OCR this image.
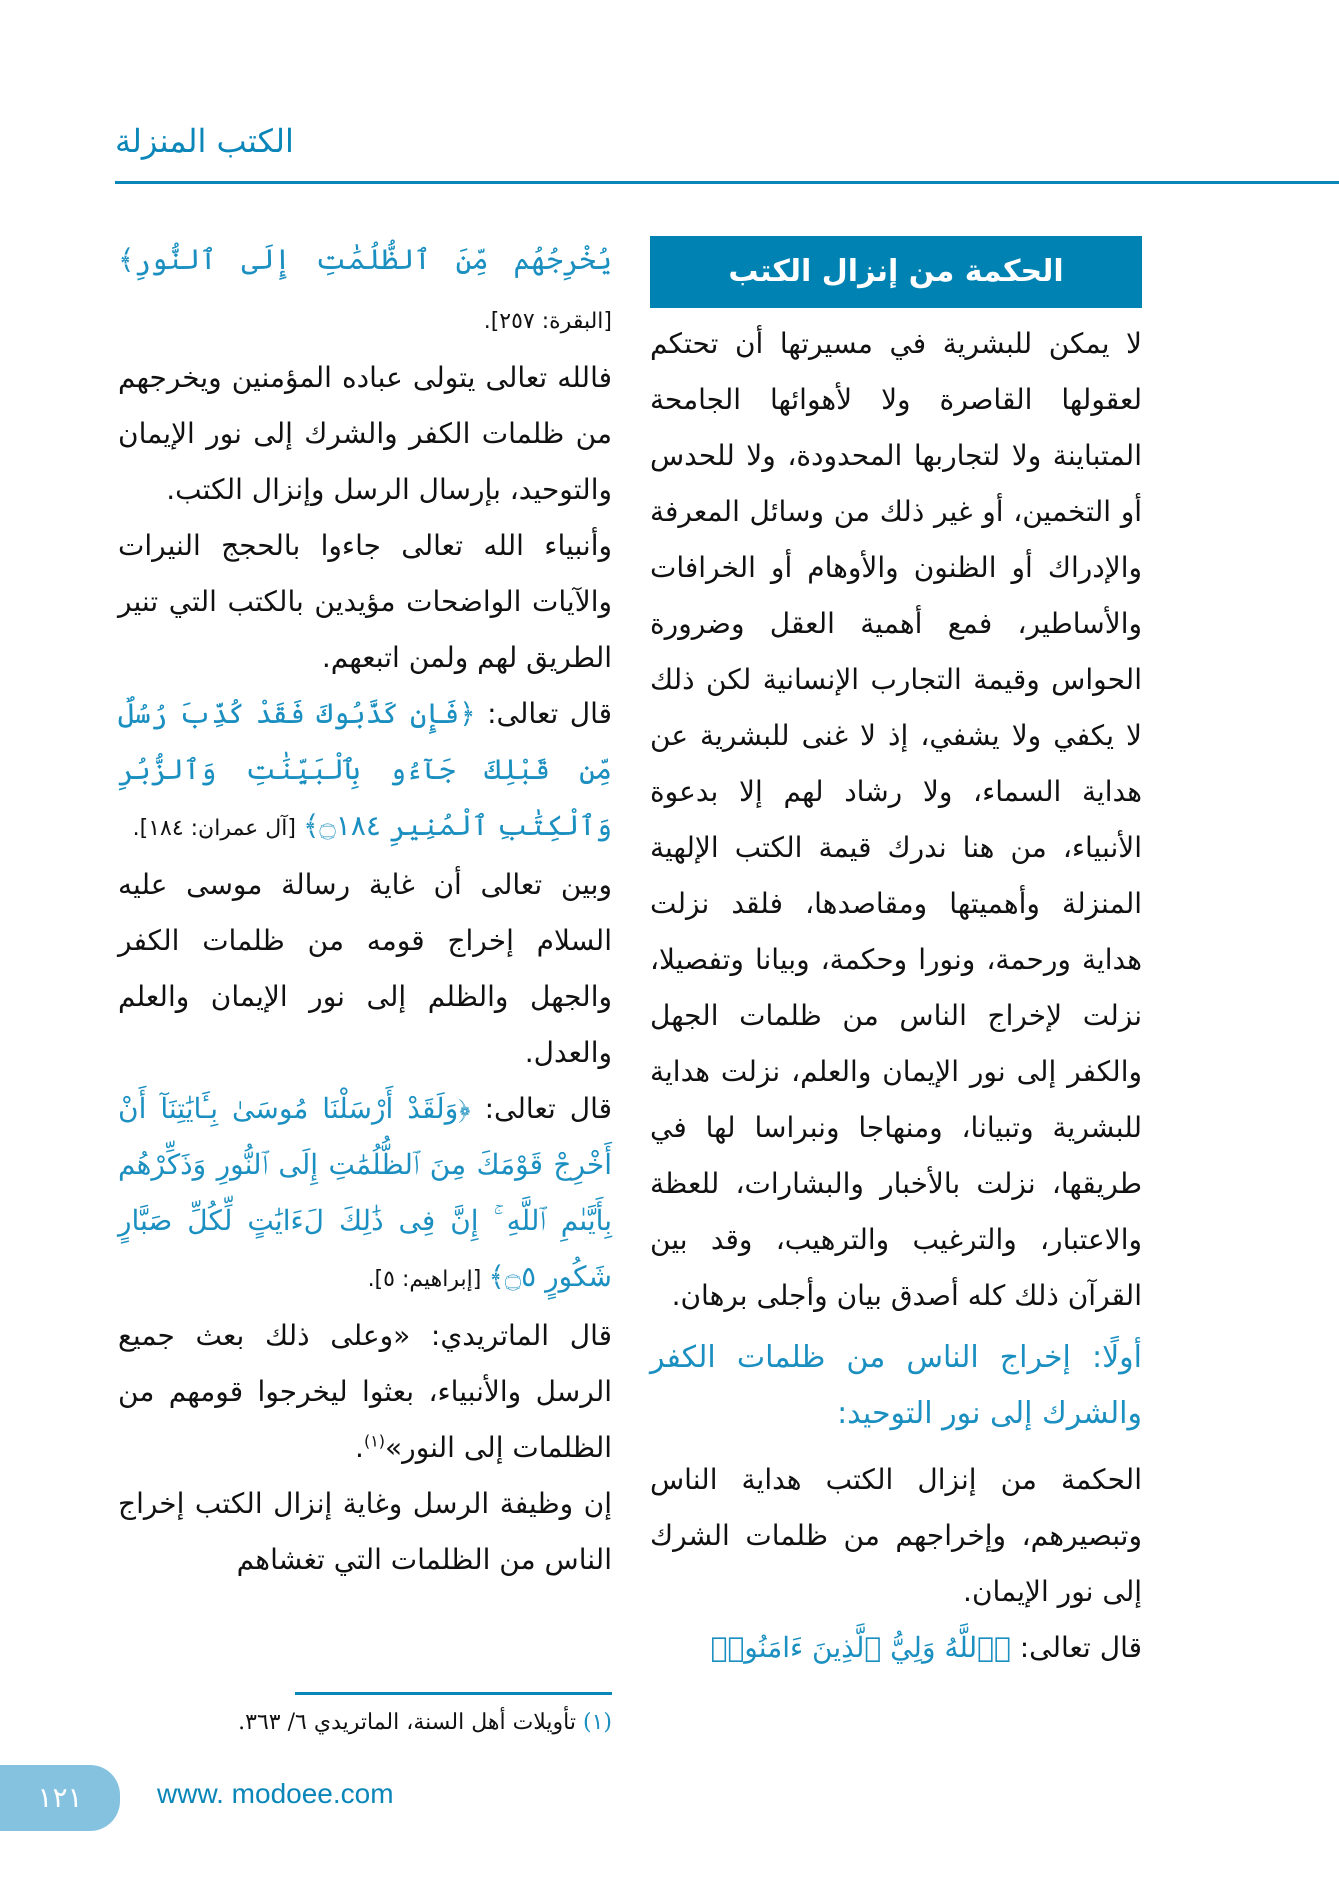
الكتب المنزلة
الحكمة من إنزال الكتب

لا يمكن للبشرية في مسيرتها أن تحتكم لعقولها القاصرة ولا لأهوائها الجامحة المتباينة ولا لتجاربها المحدودة، ولا للحدس أو التخمين، أو غير ذلك من وسائل المعرفة والإدراك أو الظنون والأوهام أو الخرافات والأساطير، فمع أهمية العقل وضرورة الحواس وقيمة التجارب الإنسانية لكن ذلك لا يكفي ولا يشفي، إذ لا غنى للبشرية عن هداية السماء، ولا رشاد لهم إلا بدعوة الأنبياء، من هنا ندرك قيمة الكتب الإلهية المنزلة وأهميتها ومقاصدها، فلقد نزلت هداية ورحمة، ونورا وحكمة، وبيانا وتفصيلا، نزلت لإخراج الناس من ظلمات الجهل والكفر إلى نور الإيمان والعلم، نزلت هداية للبشرية وتبيانا، ومنهاجا ونبراسا لها في طريقها، نزلت بالأخبار والبشارات، للعظة والاعتبار، والترغيب والترهيب، وقد بين القرآن ذلك كله أصدق بيان وأجلى برهان.

أولًا: إخراج الناس من ظلمات الكفر والشرك إلى نور التوحيد:

الحكمة من إنزال الكتب هداية الناس وتبصيرهم، وإخراجهم من ظلمات الشرك إلى نور الإيمان.

قال تعالى: ﴿ٱللَّهُ وَلِيُّ ٱلَّذِينَ ءَامَنُوا۟

يُخْرِجُهُم مِّنَ ٱلظُّلُمَٰتِ إِلَى ٱلنُّورِ﴾ [البقرة: ٢٥٧].

فالله تعالى يتولى عباده المؤمنين ويخرجهم من ظلمات الكفر والشرك إلى نور الإيمان والتوحيد، بإرسال الرسل وإنزال الكتب.

وأنبياء الله تعالى جاءوا بالحجج النيرات والآيات الواضحات مؤيدين بالكتب التي تنير الطريق لهم ولمن اتبعهم.

قال تعالى: ﴿فَإِن كَذَّبُوكَ فَقَدْ كُذِّبَ رُسُلٌ مِّن قَبْلِكَ جَآءُو بِٱلْبَيِّنَٰتِ وَٱلزُّبُرِ وَٱلْكِتَٰبِ ٱلْمُنِيرِ ۝١٨٤﴾ [آل عمران: ١٨٤].

وبين تعالى أن غاية رسالة موسى عليه السلام إخراج قومه من ظلمات الكفر والجهل والظلم إلى نور الإيمان والعلم والعدل.

قال تعالى: ﴿وَلَقَدْ أَرْسَلْنَا مُوسَىٰ بِـَٔايَٰتِنَآ أَنْ أَخْرِجْ قَوْمَكَ مِنَ ٱلظُّلُمَٰتِ إِلَى ٱلنُّورِ وَذَكِّرْهُم بِأَيَّىٰمِ ٱللَّهِ ۚ إِنَّ فِى ذَٰلِكَ لَءَايَٰتٍ لِّكُلِّ صَبَّارٍ شَكُورٍ ۝٥﴾ [إبراهيم: ٥].

قال الماتريدي: «وعلى ذلك بعث جميع الرسل والأنبياء، بعثوا ليخرجوا قومهم من الظلمات إلى النور»$^{(١)}$.

إن وظيفة الرسل وغاية إنزال الكتب إخراج الناس من الظلمات التي تغشاهم

(١) تأويلات أهل السنة، الماتريدي ٦/ ٣٦٣.
١٢١	www. modoee.com
